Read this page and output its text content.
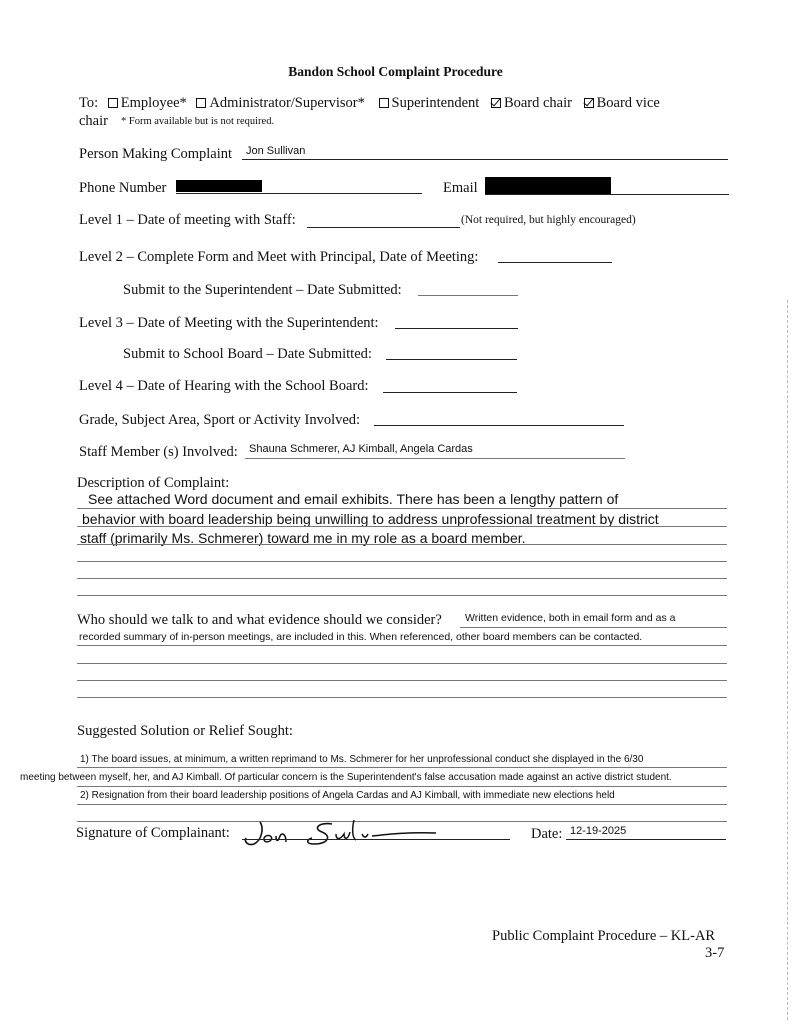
Bandon School Complaint Procedure
To: Employee* Administrator/Supervisor* Superintendent Board chair Board vice
chair * Form available but is not required.
Person Making Complaint Jon Sullivan
Phone Number	Email
Level 1 – Date of meeting with Staff:	(Not required, but highly encouraged)
Level 2 – Complete Form and Meet with Principal, Date of Meeting:
Submit to the Superintendent – Date Submitted:
Level 3 – Date of Meeting with the Superintendent:
Submit to School Board – Date Submitted:
Level 4 – Date of Hearing with the School Board:
Grade, Subject Area, Sport or Activity Involved:
Staff Member (s) Involved: Shauna Schmerer, AJ Kimball, Angela Cardas
Description of Complaint:
See attached Word document and email exhibits. There has been a lengthy pattern of
behavior with board leadership being unwilling to address unprofessional treatment by district
staff (primarily Ms. Schmerer) toward me in my role as a board member.
Who should we talk to and what evidence should we consider? Written evidence, both in email form and as a
recorded summary of in-person meetings, are included in this. When referenced, other board members can be contacted.
Suggested Solution or Relief Sought:
1) The board issues, at minimum, a written reprimand to Ms. Schmerer for her unprofessional conduct she displayed in the 6/30
meeting between myself, her, and AJ Kimball. Of particular concern is the Superintendent's false accusation made against an active district student.
2) Resignation from their board leadership positions of Angela Cardas and AJ Kimball, with immediate new elections held
Signature of Complainant:	Date: 12-19-2025
Public Complaint Procedure – KL-AR
3-7
